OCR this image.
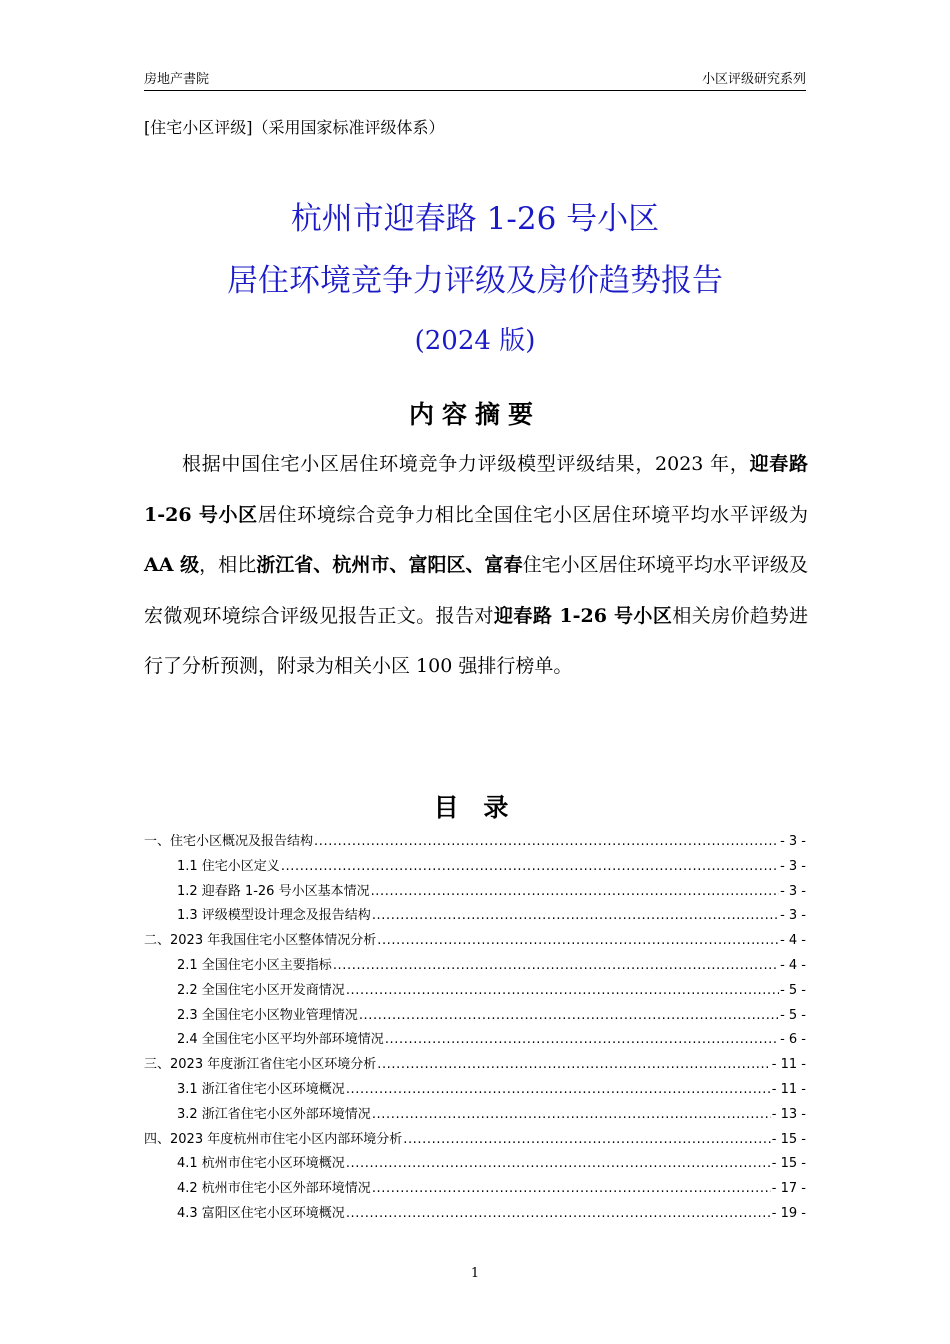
房地产書院	小区评级研究系列
[住宅小区评级]（采用国家标准评级体系）
杭州市迎春路 1-26 号小区
居住环境竞争力评级及房价趋势报告
(2024 版)
内容摘要

根据中国住宅小区居住环境竞争力评级模型评级结果，2023 年，迎春路 1-26 号小区居住环境综合竞争力相比全国住宅小区居住环境平均水平评级为 AA 级，相比浙江省、杭州市、富阳区、富春住宅小区居住环境平均水平评级及宏微观环境综合评级见报告正文。报告对迎春路 1-26 号小区相关房价趋势进行了分析预测，附录为相关小区 100 强排行榜单。

目 录
一、住宅小区概况及报告结构 .....	- 3 -
1.1 住宅小区定义 .....	- 3 -
1.2 迎春路 1-26 号小区基本情况 .....	- 3 -
1.3 评级模型设计理念及报告结构 .....	- 3 -
二、2023 年我国住宅小区整体情况分析 .....	- 4 -
2.1 全国住宅小区主要指标 .....	- 4 -
2.2 全国住宅小区开发商情况 .....	- 5 -
2.3 全国住宅小区物业管理情况 .....	- 5 -
2.4 全国住宅小区平均外部环境情况 .....	- 6 -
三、2023 年度浙江省住宅小区环境分析 .....	- 11 -
3.1 浙江省住宅小区环境概况 .....	- 11 -
3.2 浙江省住宅小区外部环境情况 .....	- 13 -
四、2023 年度杭州市住宅小区内部环境分析 .....	- 15 -
4.1 杭州市住宅小区环境概况 .....	- 15 -
4.2 杭州市住宅小区外部环境情况 .....	- 17 -
4.3 富阳区住宅小区环境概况 .....	- 19 -
1
